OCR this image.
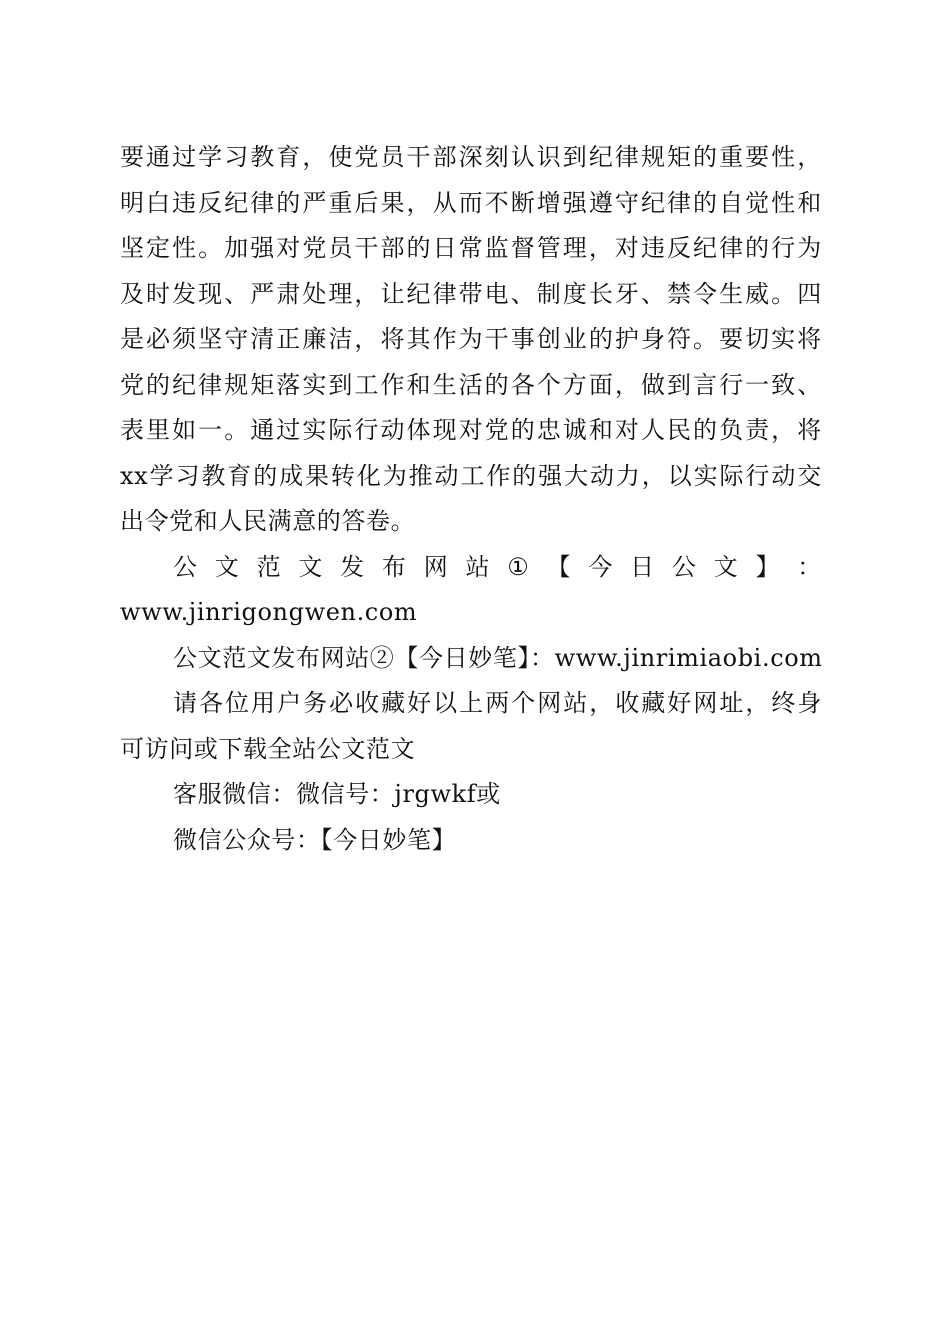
要 通 过 学 习 教 育 ， 使 党 员 干 部 深 刻 认 识 到 纪 律 规 矩 的 重 要 性 ，
明 白 违 反 纪 律 的 严 重 后 果 ， 从 而 不 断 增 强 遵 守 纪 律 的 自 觉 性 和
坚 定 性 。 加 强 对 党 员 干 部 的 日 常 监 督 管 理 ， 对 违 反 纪 律 的 行 为
及 时 发 现 、 严 肃 处 理 ， 让 纪 律 带 电 、 制 度 长 牙 、 禁 令 生 威 。 四
是 必 须 坚 守 清 正 廉 洁 ， 将 其 作 为 干 事 创 业 的 护 身 符 。 要 切 实 将
党 的 纪 律 规 矩 落 实 到 工 作 和 生 活 的 各 个 方 面 ， 做 到 言 行 一 致 、
表 里 如 一 。 通 过 实 际 行 动 体 现 对 党 的 忠 诚 和 对 人 民 的 负 责 ， 将
xx 学 习 教 育 的 成 果 转 化 为 推 动 工 作 的 强 大 动 力 ， 以 实 际 行 动 交
出令党和人民满意的答卷。
公 文 范 文 发 布 网 站 ① 【 今 日 公 文 】 ：
www.jinrigongwen.com
公文范文发布网站②【今日妙笔】：www.jinrimiaobi.com
请 各 位 用 户 务 必 收 藏 好 以 上 两 个 网 站 ， 收 藏 好 网 址 ， 终 身
可访问或下载全站公文范文
客服微信：微信号：jrgwkf或
微信公众号：【今日妙笔】
